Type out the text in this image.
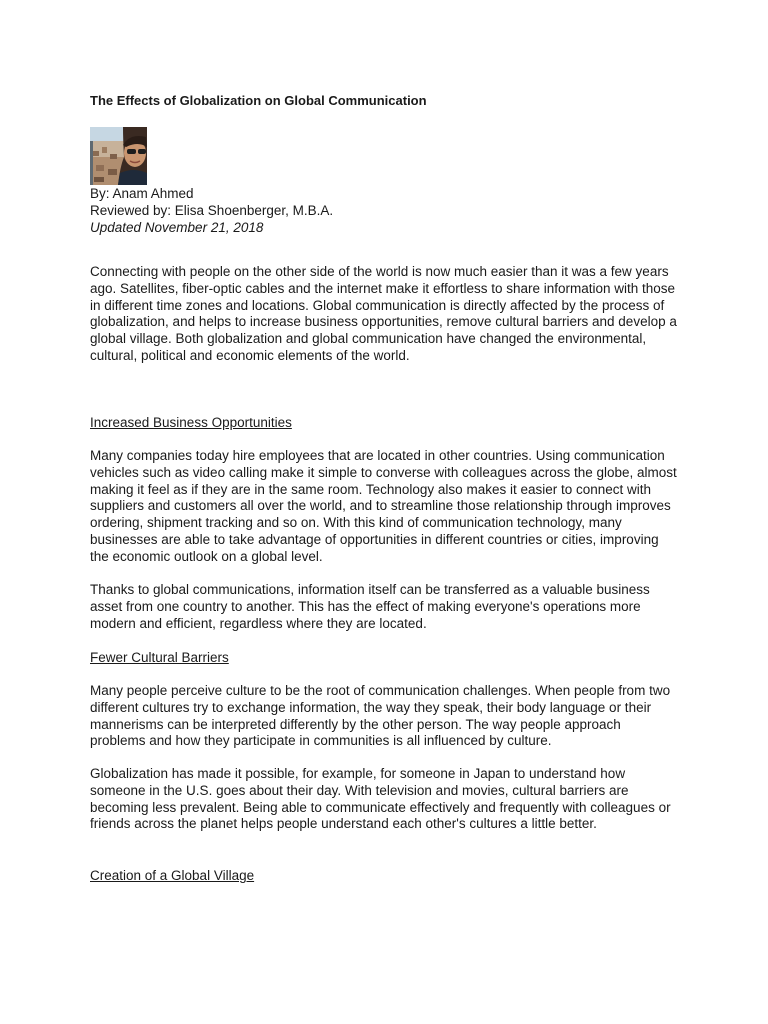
The Effects of Globalization on Global Communication
By: Anam Ahmed
Reviewed by: Elisa Shoenberger, M.B.A.
Updated November 21, 2018

Connecting with people on the other side of the world is now much easier than it was a few years ago. Satellites, fiber-optic cables and the internet make it effortless to share information with those in different time zones and locations. Global communication is directly affected by the process of globalization, and helps to increase business opportunities, remove cultural barriers and develop a global village. Both globalization and global communication have changed the environmental, cultural, political and economic elements of the world.

Increased Business Opportunities

Many companies today hire employees that are located in other countries. Using communication vehicles such as video calling make it simple to converse with colleagues across the globe, almost making it feel as if they are in the same room. Technology also makes it easier to connect with suppliers and customers all over the world, and to streamline those relationship through improves ordering, shipment tracking and so on. With this kind of communication technology, many businesses are able to take advantage of opportunities in different countries or cities, improving the economic outlook on a global level.

Thanks to global communications, information itself can be transferred as a valuable business asset from one country to another. This has the effect of making everyone's operations more modern and efficient, regardless where they are located.

Fewer Cultural Barriers

Many people perceive culture to be the root of communication challenges. When people from two different cultures try to exchange information, the way they speak, their body language or their mannerisms can be interpreted differently by the other person. The way people approach problems and how they participate in communities is all influenced by culture.

Globalization has made it possible, for example, for someone in Japan to understand how someone in the U.S. goes about their day. With television and movies, cultural barriers are becoming less prevalent. Being able to communicate effectively and frequently with colleagues or friends across the planet helps people understand each other's cultures a little better.

Creation of a Global Village
